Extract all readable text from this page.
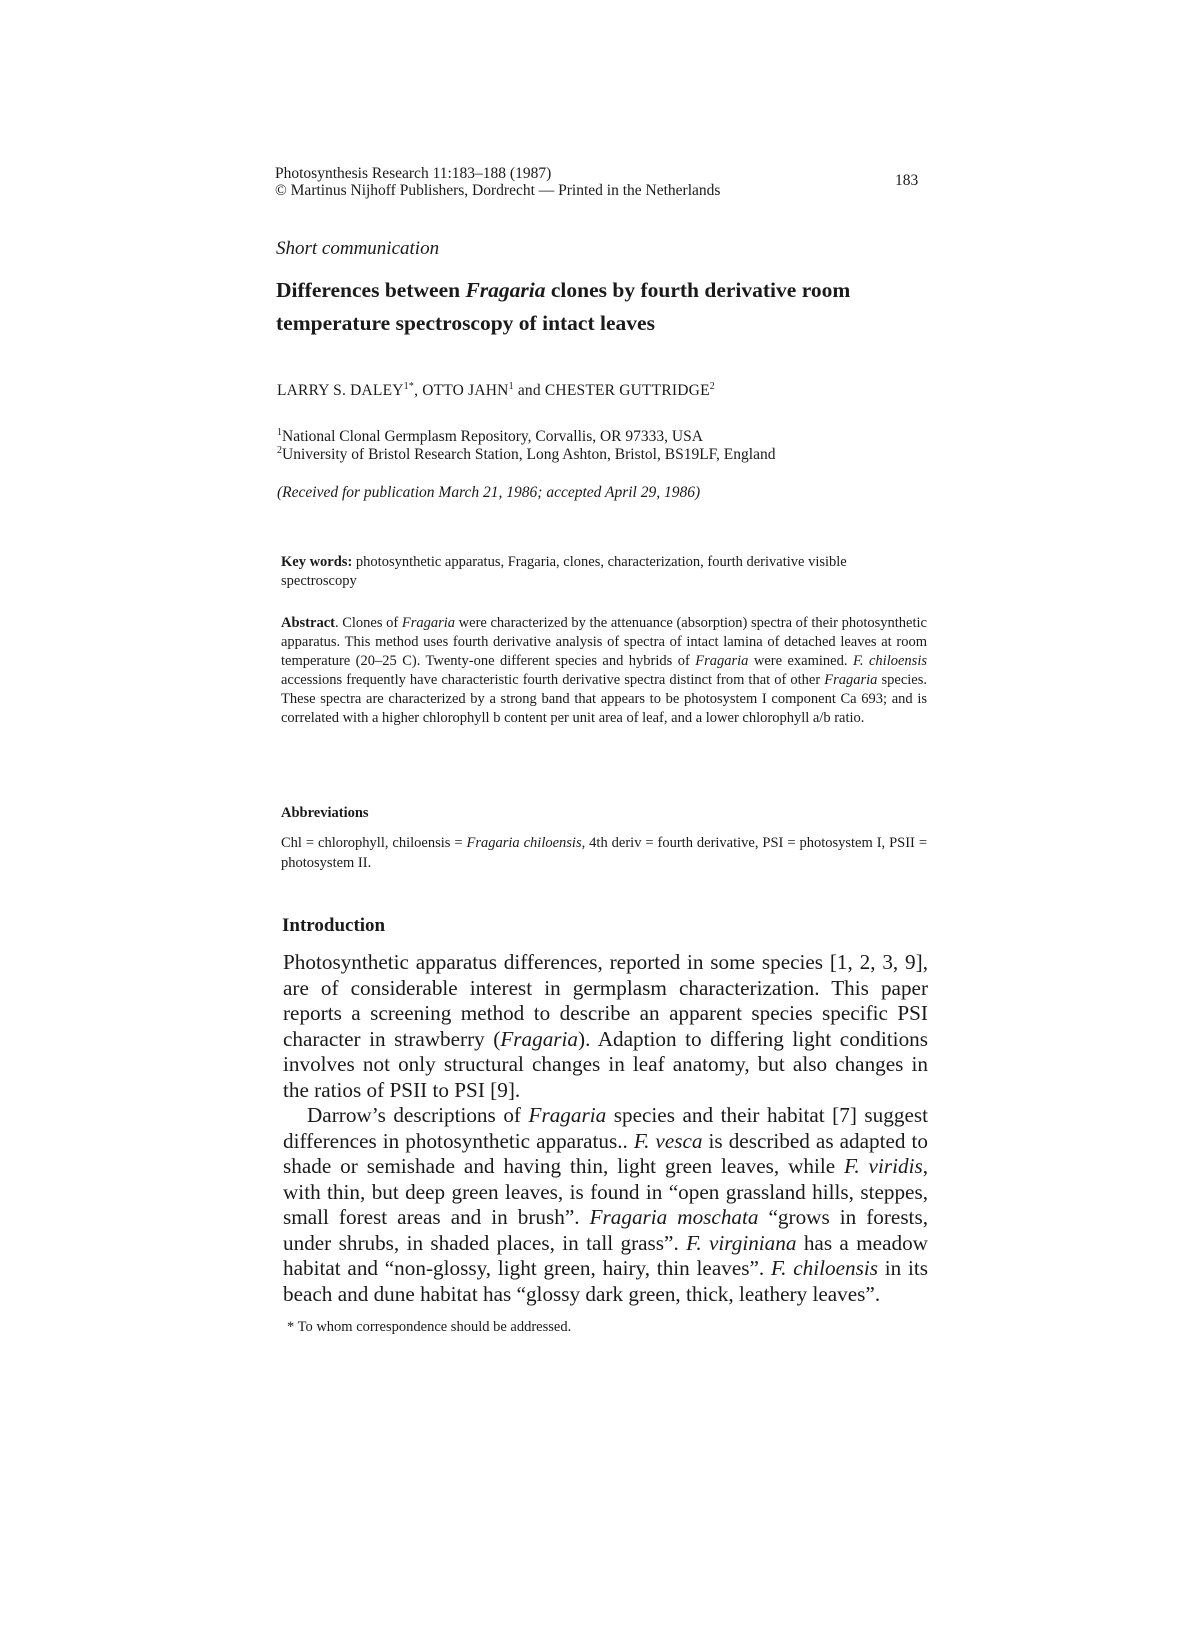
Photosynthesis Research 11:183–188 (1987)
© Martinus Nijhoff Publishers, Dordrecht — Printed in the Netherlands
183
Short communication
Differences between Fragaria clones by fourth derivative room temperature spectroscopy of intact leaves
LARRY S. $DALEY^{1*}$, OTTO JAHN$^1$ and CHESTER GUTTRIDGE$^2$
$^1$National Clonal Germplasm Repository, Corvallis, OR 97333, USA
$^2$University of Bristol Research Station, Long Ashton, Bristol, BS19LF, England
(Received for publication March 21, 1986; accepted April 29, 1986)
Key words: photosynthetic apparatus, Fragaria, clones, characterization, fourth derivative visible spectroscopy
Abstract. Clones of Fragaria were characterized by the attenuance (absorption) spectra of their photosynthetic apparatus. This method uses fourth derivative analysis of spectra of intact lamina of detached leaves at room temperature (20–25 C). Twenty-one different species and hybrids of Fragaria were examined. F. chiloensis accessions frequently have characteristic fourth derivative spectra distinct from that of other Fragaria species. These spectra are characterized by a strong band that appears to be photosystem I component Ca 693; and is correlated with a higher chlorophyll b content per unit area of leaf, and a lower chlorophyll a/b ratio.
Abbreviations
Chl = chlorophyll, chiloensis = Fragaria chiloensis, 4th deriv = fourth derivative, PSI = photosystem I, PSII = photosystem II.
Introduction

Photosynthetic apparatus differences, reported in some species [1, 2, 3, 9], are of considerable interest in germplasm characterization. This paper reports a screening method to describe an apparent species specific PSI character in strawberry (Fragaria). Adaption to differing light conditions involves not only structural changes in leaf anatomy, but also changes in the ratios of PSII to PSI [9].

Darrow’s descriptions of Fragaria species and their habitat [7] suggest differences in photosynthetic apparatus.. F. vesca is described as adapted to shade or semishade and having thin, light green leaves, while F. viridis, with thin, but deep green leaves, is found in “open grassland hills, steppes, small forest areas and in brush”. Fragaria moschata “grows in forests, under shrubs, in shaded places, in tall grass”. F. virginiana has a meadow habitat and “non-glossy, light green, hairy, thin leaves”. F. chiloensis in its beach and dune habitat has “glossy dark green, thick, leathery leaves”.

* To whom correspondence should be addressed.
